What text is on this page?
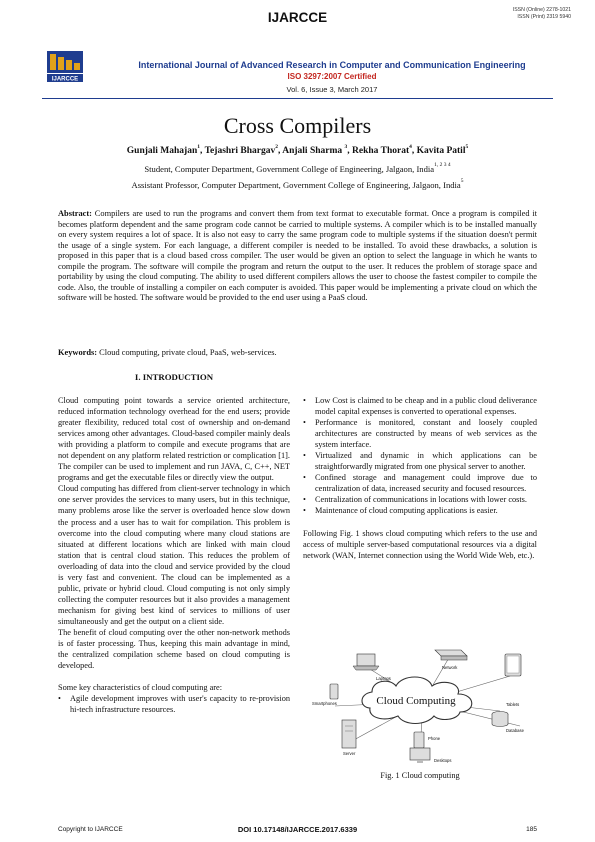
IJARCCE	ISSN (Online) 2278-1021
ISSN (Print) 2319 5940
IJARCCE
International Journal of Advanced Research in Computer and Communication Engineering
ISO 3297:2007 Certified
Vol. 6, Issue 3, March 2017
Cross Compilers
Gunjali Mahajan$^1$, Tejashri Bhargav$^2$, Anjali Sharma $^3$, Rekha Thorat$^4$, Kavita Patil$^5$
Student, Computer Department, Government College of Engineering, Jalgaon, India$^{1, 2 3 4}$
Assistant Professor, Computer Department, Government College of Engineering, Jalgaon, India$^5$
Abstract: Compilers are used to run the programs and convert them from text format to executable format. Once a program is compiled it becomes platform dependent and the same program code cannot be carried to multiple systems. A compiler which is to be installed manually on every system requires a lot of space. It is also not easy to carry the same program code to multiple systems if the situation doesn't permit the usage of a single system. For each language, a different compiler is needed to be installed. To avoid these drawbacks, a solution is proposed in this paper that is a cloud based cross compiler. The user would be given an option to select the language in which he wants to compile the program. The software will compile the program and return the output to the user. It reduces the problem of storage space and portability by using the cloud computing. The ability to used different compilers allows the user to choose the fastest compiler to compile the code. Also, the trouble of installing a compiler on each computer is avoided. This paper would be implementing a private cloud on which the software will be hosted. The software would be provided to the end user using a PaaS cloud.
Keywords: Cloud computing, private cloud, PaaS, web-services.
I. INTRODUCTION

Cloud computing point towards a service oriented architecture, reduced information technology overhead for the end users; provide greater flexibility, reduced total cost of ownership and on-demand services among other advantages. Cloud-based compiler mainly deals with providing a platform to compile and execute programs that are not dependent on any platform related restriction or complication [1]. The compiler can be used to implement and run JAVA, C, C++, NET programs and get the executable files or directly view the output.

Cloud computing has differed from client-server technology in which one server provides the services to many users, but in this technique, many problems arose like the server is overloaded hence slow down the process and a user has to wait for compilation. This problem is overcome into the cloud computing where many cloud stations are situated at different locations which are linked with main cloud station that is central cloud station. This reduces the problem of overloading of data into the cloud and service provided by the cloud is very fast and convenient. The cloud can be implemented as a public, private or hybrid cloud. Cloud computing is not only simply collecting the computer resources but it also provides a management mechanism for giving best kind of services to millions of user simultaneously and get the output on a client side.

The benefit of cloud computing over the other non-network methods is of faster processing. Thus, keeping this main advantage in mind, the centralized compilation scheme based on cloud computing is developed.

Some key characteristics of cloud computing are:

• Agile development improves with user's capacity to re-provision hi-tech infrastructure resources.
• Low Cost is claimed to be cheap and in a public cloud deliverance model capital expenses is converted to operational expenses.
• Performance is monitored, constant and loosely coupled architectures are constructed by means of web services as the system interface.
• Virtualized and dynamic in which applications can be straightforwardly migrated from one physical server to another.
• Confined storage and management could improve due to centralization of data, increased security and focused resources.
• Centralization of communications in locations with lower costs.
• Maintenance of cloud computing applications is easier.

Following Fig. 1 shows cloud computing which refers to the use and access of multiple server-based computational resources via a digital network (WAN, Internet connection using the World Wide Web, etc.).

Cloud Computing
Laptops
Network
Tablets
Smartphones
Database
Server
Phone
Desktops
Fig. 1 Cloud computing
Copyright to IJARCCE	DOI 10.17148/IJARCCE.2017.6339	185
